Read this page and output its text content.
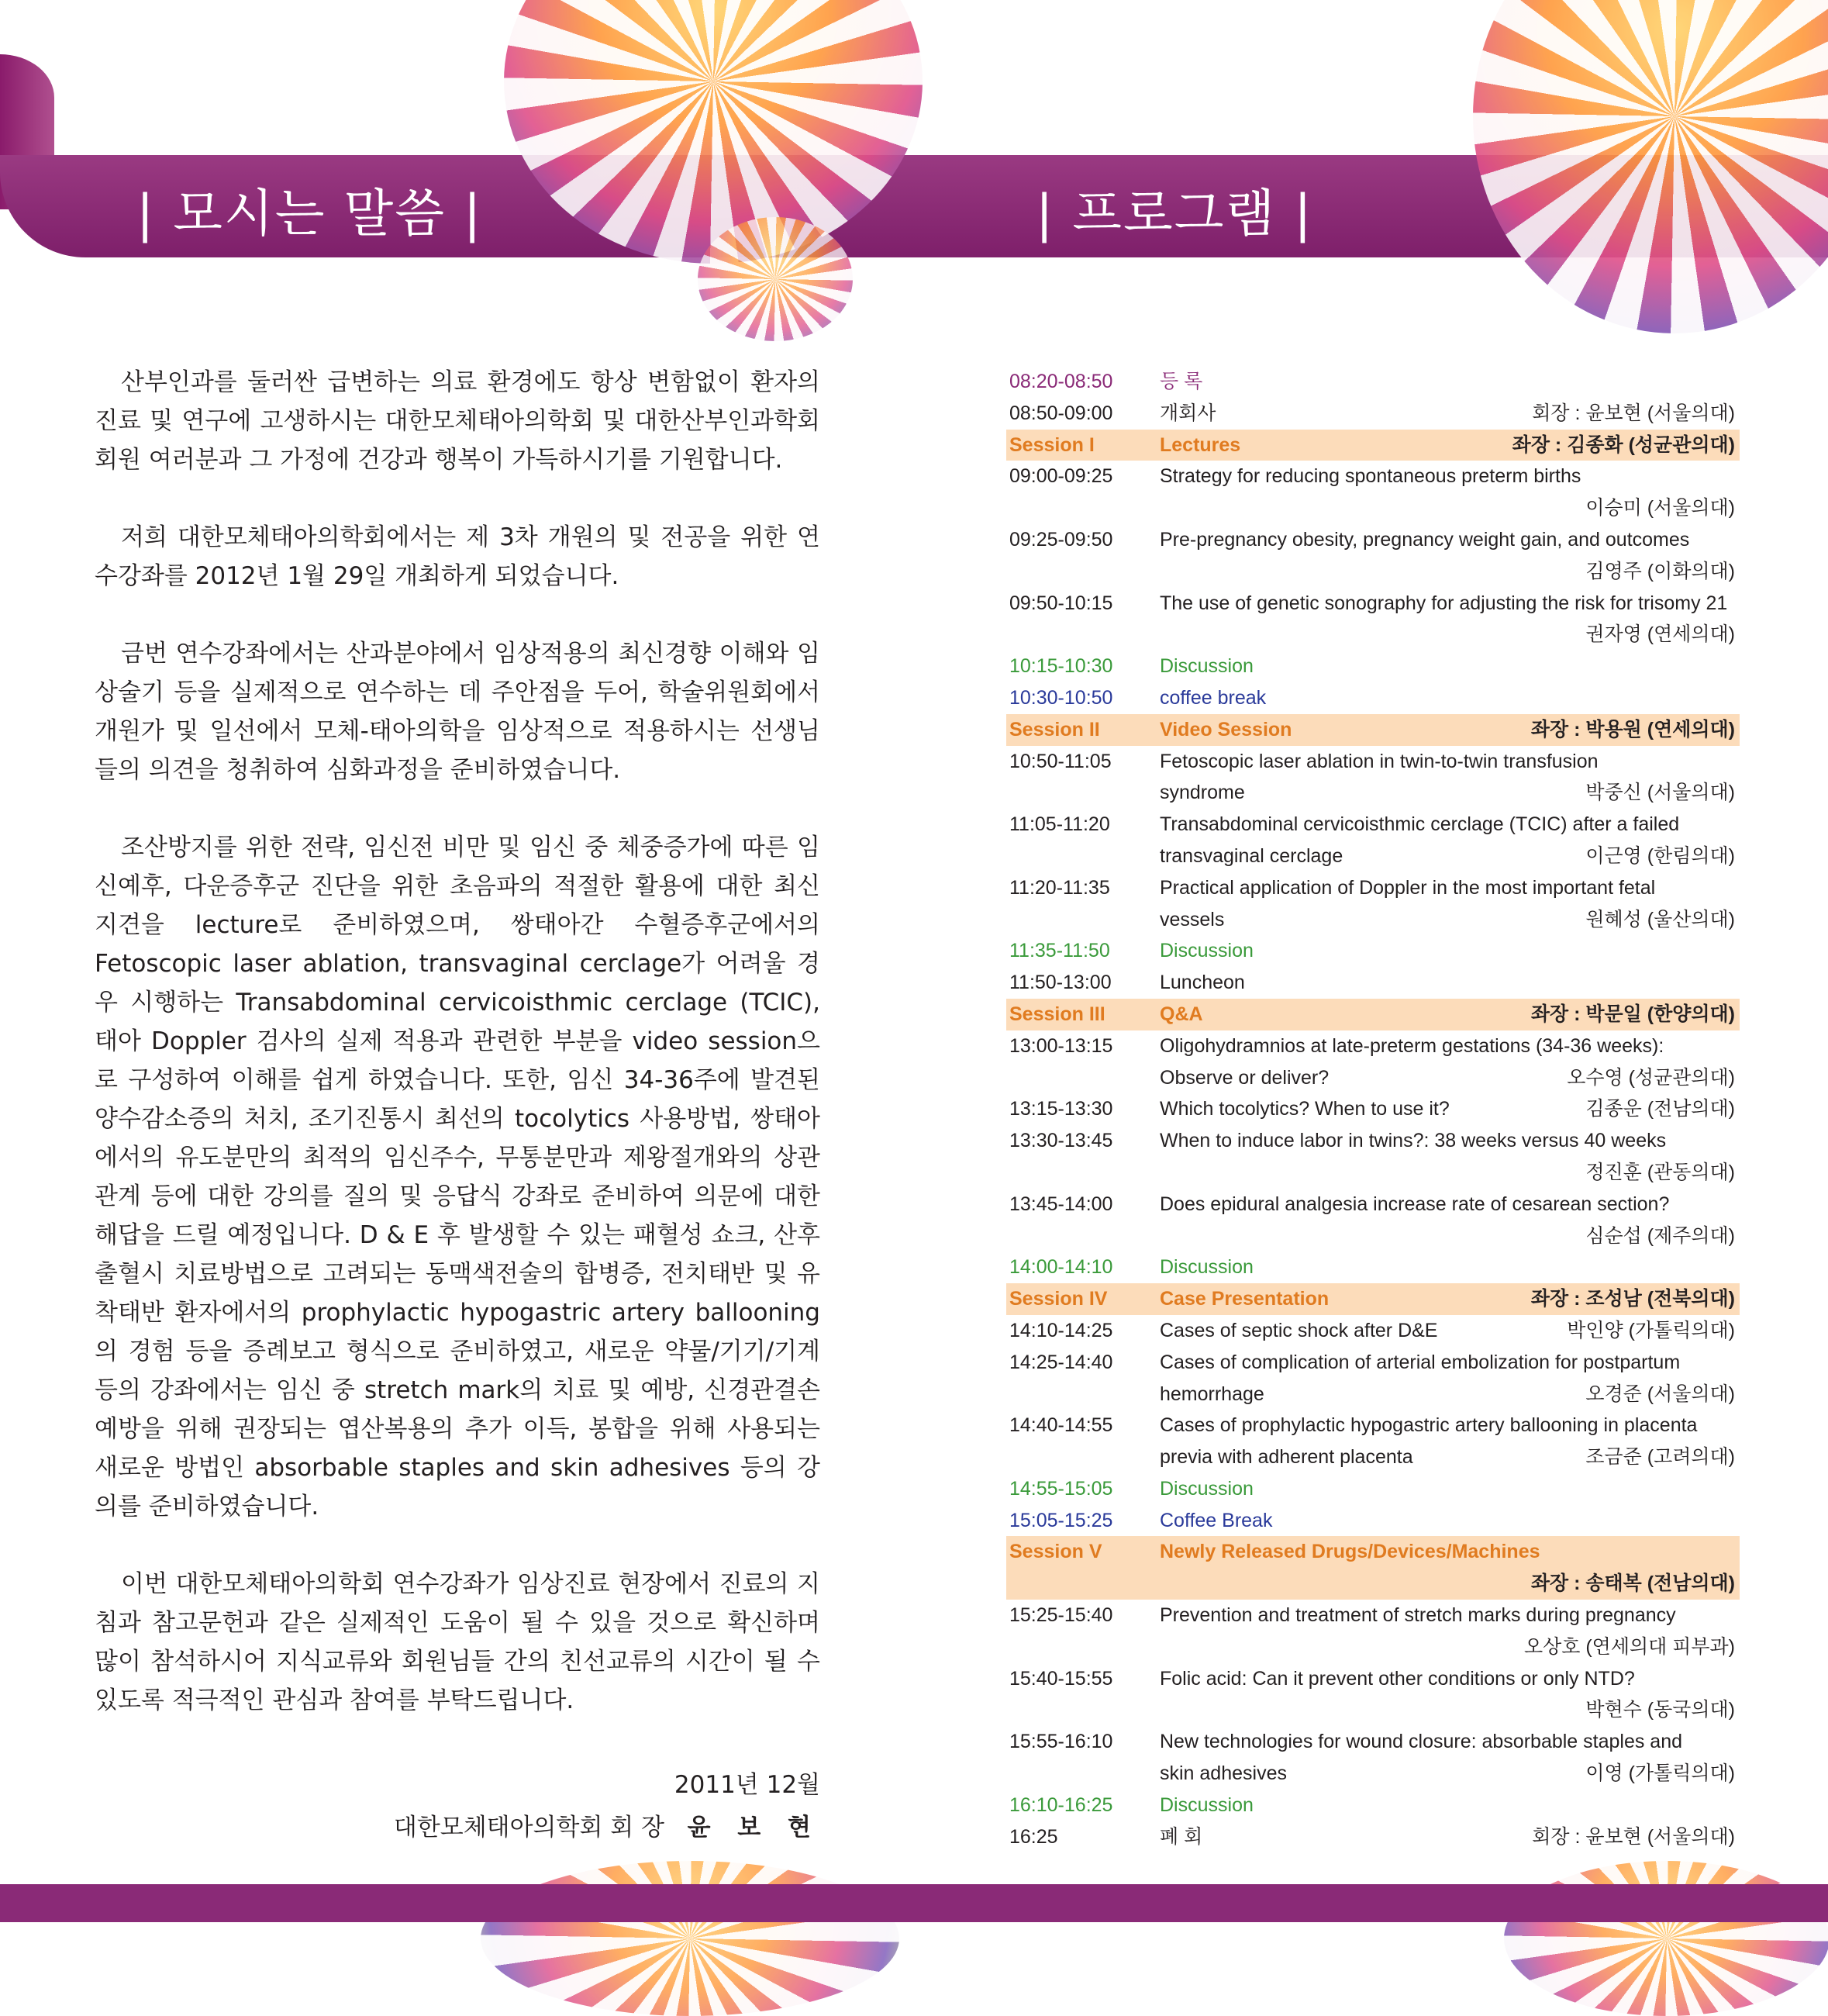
| 모시는 말씀 |	| 프로그램 |

산부인과를 둘러싼 급변하는 의료 환경에도 항상 변함없이 환자의 진료 및 연구에 고생하시는 대한모체태아의학회 및 대한산부인과학회 회원 여러분과 그 가정에 건강과 행복이 가득하시기를 기원합니다.

저희 대한모체태아의학회에서는 제 3차 개원의 및 전공을 위한 연수강좌를 2012년 1월 29일 개최하게 되었습니다.

금번 연수강좌에서는 산과분야에서 임상적용의 최신경향 이해와 임상술기 등을 실제적으로 연수하는 데 주안점을 두어, 학술위원회에서 개원가 및 일선에서 모체-태아의학을 임상적으로 적용하시는 선생님들의 의견을 청취하여 심화과정을 준비하였습니다.

조산방지를 위한 전략, 임신전 비만 및 임신 중 체중증가에 따른 임신예후, 다운증후군 진단을 위한 초음파의 적절한 활용에 대한 최신 지견을 lecture로 준비하였으며, 쌍태아간 수혈증후군에서의 Fetoscopic laser ablation, transvaginal cerclage가 어려울 경우 시행하는 Transabdominal cervicoisthmic cerclage (TCIC), 태아 Doppler 검사의 실제 적용과 관련한 부분을 video session으로 구성하여 이해를 쉽게 하였습니다. 또한, 임신 34-36주에 발견된 양수감소증의 처치, 조기진통시 최선의 tocolytics 사용방법, 쌍태아에서의 유도분만의 최적의 임신주수, 무통분만과 제왕절개와의 상관관계 등에 대한 강의를 질의 및 응답식 강좌로 준비하여 의문에 대한 해답을 드릴 예정입니다. D & E 후 발생할 수 있는 패혈성 쇼크, 산후출혈시 치료방법으로 고려되는 동맥색전술의 합병증, 전치태반 및 유착태반 환자에서의 prophylactic hypogastric artery ballooning의 경험 등을 증례보고 형식으로 준비하였고, 새로운 약물/기기/기계 등의 강좌에서는 임신 중 stretch mark의 치료 및 예방, 신경관결손 예방을 위해 권장되는 엽산복용의 추가 이득, 봉합을 위해 사용되는 새로운 방법인 absorbable staples and skin adhesives 등의 강의를 준비하였습니다.

이번 대한모체태아의학회 연수강좌가 임상진료 현장에서 진료의 지침과 참고문헌과 같은 실제적인 도움이 될 수 있을 것으로 확신하며 많이 참석하시어 지식교류와 회원님들 간의 친선교류의 시간이 될 수 있도록 적극적인 관심과 참여를 부탁드립니다.

2011년 12월
대한모체태아의학회 회 장 윤 보 현
08:20-08:50 등 록
08:50-09:00 개회사	회장 : 윤보현 (서울의대)
Session I	Lectures	좌장 : 김종화 (성균관의대)
09:00-09:25 Strategy for reducing spontaneous preterm births
이승미 (서울의대)
09:25-09:50 Pre-pregnancy obesity, pregnancy weight gain, and outcomes
김영주 (이화의대)
09:50-10:15 The use of genetic sonography for adjusting the risk for trisomy 21
권자영 (연세의대)
10:15-10:30 Discussion
10:30-10:50 coffee break
Session II	Video Session	좌장 : 박용원 (연세의대)
10:50-11:05 Fetoscopic laser ablation in twin-to-twin transfusion
syndrome	박중신 (서울의대)
11:05-11:20	Transabdominal cervicoisthmic cerclage (TCIC) after a failed
transvaginal cerclage	이근영 (한림의대)
11:20-11:35	Practical application of Doppler in the most important fetal
vessels	원혜성 (울산의대)
11:35-11:50	Discussion
11:50-13:00 Luncheon
Session III	Q&A	좌장 : 박문일 (한양의대)
13:00-13:15 Oligohydramnios at late-preterm gestations (34-36 weeks):
Observe or deliver?	오수영 (성균관의대)
13:15-13:30 Which tocolytics? When to use it?	김종운 (전남의대)
13:30-13:45 When to induce labor in twins?: 38 weeks versus 40 weeks
정진훈 (관동의대)
13:45-14:00 Does epidural analgesia increase rate of cesarean section?
심순섭 (제주의대)
14:00-14:10 Discussion
Session IV	Case Presentation	좌장 : 조성남 (전북의대)
14:10-14:25 Cases of septic shock after D&E	박인양 (가톨릭의대)
14:25-14:40 Cases of complication of arterial embolization for postpartum
hemorrhage	오경준 (서울의대)
14:40-14:55 Cases of prophylactic hypogastric artery ballooning in placenta
previa with adherent placenta	조금준 (고려의대)
14:55-15:05 Discussion
15:05-15:25 Coffee Break
Session V	Newly Released Drugs/Devices/Machines
좌장 : 송태복 (전남의대)
15:25-15:40 Prevention and treatment of stretch marks during pregnancy
오상호 (연세의대 피부과)
15:40-15:55 Folic acid: Can it prevent other conditions or only NTD?
박현수 (동국의대)
15:55-16:10 New technologies for wound closure: absorbable staples and
skin adhesives	이영 (가톨릭의대)
16:10-16:25 Discussion
16:25	폐 회	회장 : 윤보현 (서울의대)
